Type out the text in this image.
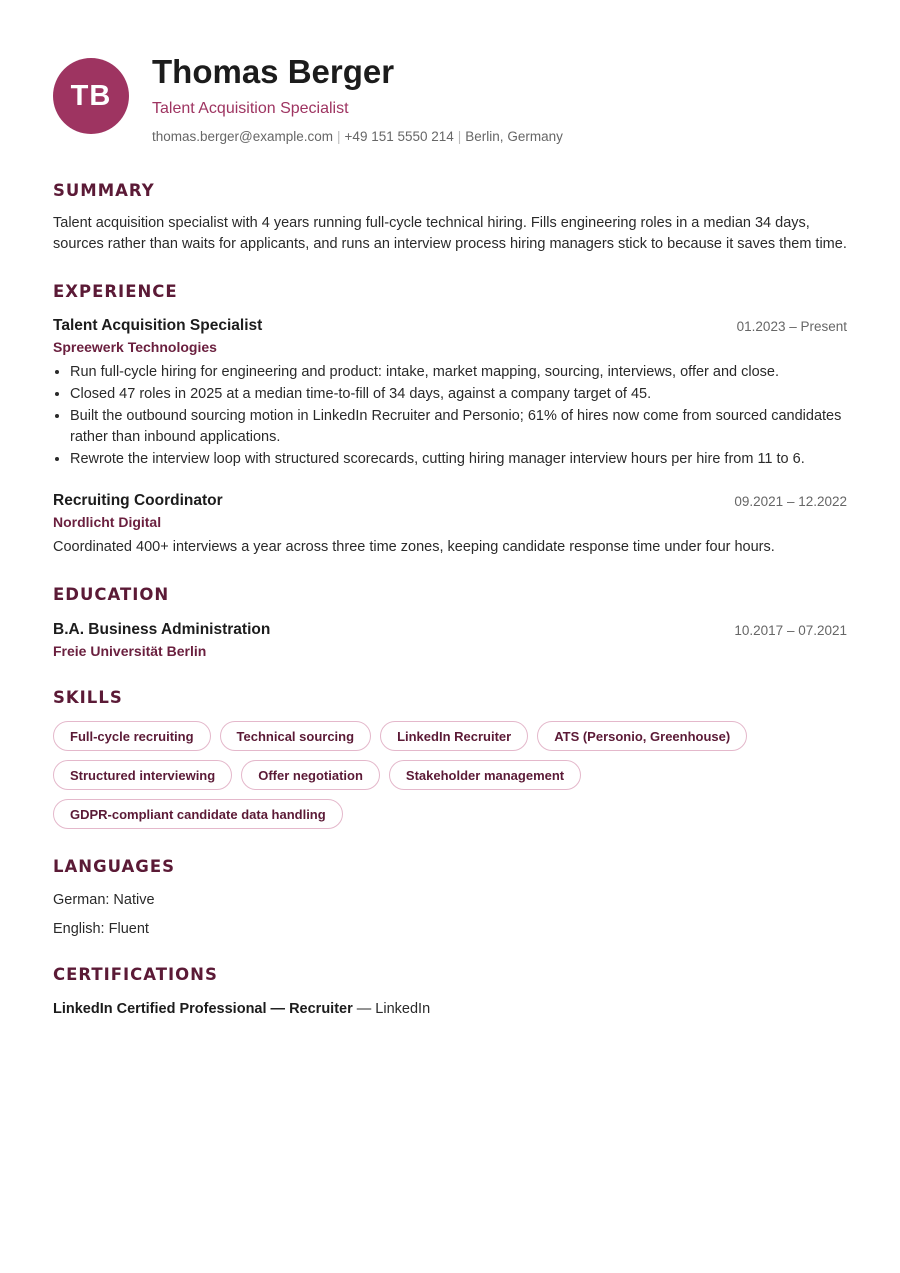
TB
Thomas Berger
Talent Acquisition Specialist
thomas.berger@example.com | +49 151 5550 214 | Berlin, Germany
SUMMARY

Talent acquisition specialist with 4 years running full-cycle technical hiring. Fills engineering roles in a median 34 days, sources rather than waits for applicants, and runs an interview process hiring managers stick to because it saves them time.

EXPERIENCE
Talent Acquisition Specialist	01.2023 – Present
Spreewerk Technologies
• Run full-cycle hiring for engineering and product: intake, market mapping, sourcing, interviews, offer and close.
• Closed 47 roles in 2025 at a median time-to-fill of 34 days, against a company target of 45.
• Built the outbound sourcing motion in LinkedIn Recruiter and Personio; 61% of hires now come from sourced candidates rather than inbound applications.
• Rewrote the interview loop with structured scorecards, cutting hiring manager interview hours per hire from 11 to 6.
Recruiting Coordinator	09.2021 – 12.2022
Nordlicht Digital

Coordinated 400+ interviews a year across three time zones, keeping candidate response time under four hours.

EDUCATION
B.A. Business Administration	10.2017 – 07.2021
Freie Universität Berlin
SKILLS
Full-cycle recruiting	Technical sourcing	LinkedIn Recruiter	ATS (Personio, Greenhouse)
Structured interviewing	Offer negotiation	Stakeholder management
GDPR-compliant candidate data handling
LANGUAGES
German: Native
English: Fluent
CERTIFICATIONS
LinkedIn Certified Professional — Recruiter — LinkedIn
